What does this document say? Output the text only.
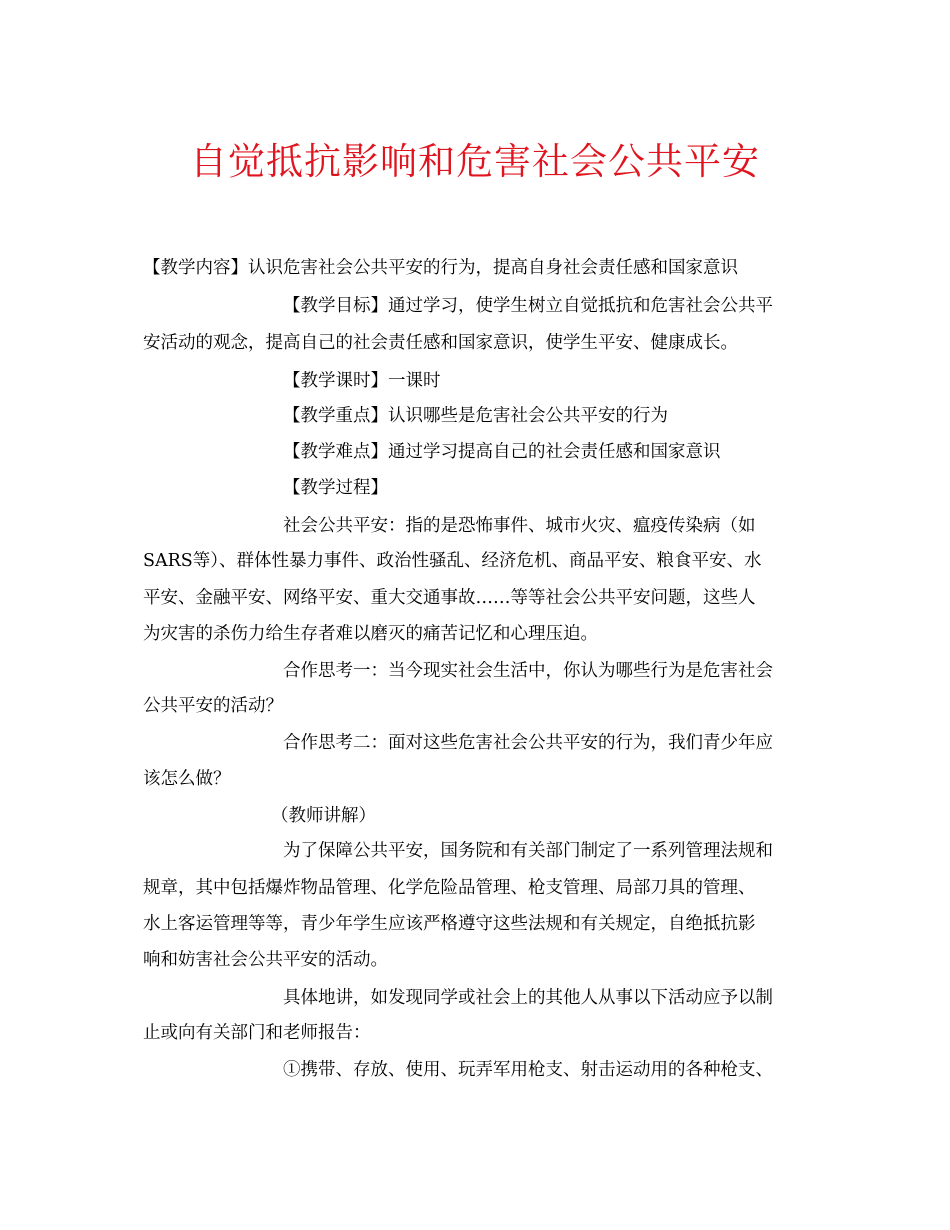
自觉抵抗影响和危害社会公共平安
【教学内容】认识危害社会公共平安的行为，提高自身社会责任感和国家意识
【教学目标】通过学习，使学生树立自觉抵抗和危害社会公共平
安活动的观念，提高自己的社会责任感和国家意识，使学生平安、健康成长。
【教学课时】一课时
【教学重点】认识哪些是危害社会公共平安的行为
【教学难点】通过学习提高自己的社会责任感和国家意识
【教学过程】
社会公共平安：指的是恐怖事件、城市火灾、瘟疫传染病（如
SARS等）、群体性暴力事件、政治性骚乱、经济危机、商品平安、粮食平安、水
平安、金融平安、网络平安、重大交通事故……等等社会公共平安问题，这些人
为灾害的杀伤力给生存者难以磨灭的痛苦记忆和心理压迫。
合作思考一：当今现实社会生活中，你认为哪些行为是危害社会
公共平安的活动？
合作思考二：面对这些危害社会公共平安的行为，我们青少年应
该怎么做？
（教师讲解）
为了保障公共平安，国务院和有关部门制定了一系列管理法规和
规章，其中包括爆炸物品管理、化学危险品管理、枪支管理、局部刀具的管理、
水上客运管理等等，青少年学生应该严格遵守这些法规和有关规定，自绝抵抗影
响和妨害社会公共平安的活动。
具体地讲，如发现同学或社会上的其他人从事以下活动应予以制
止或向有关部门和老师报告：
①携带、存放、使用、玩弄军用枪支、射击运动用的各种枪支、
